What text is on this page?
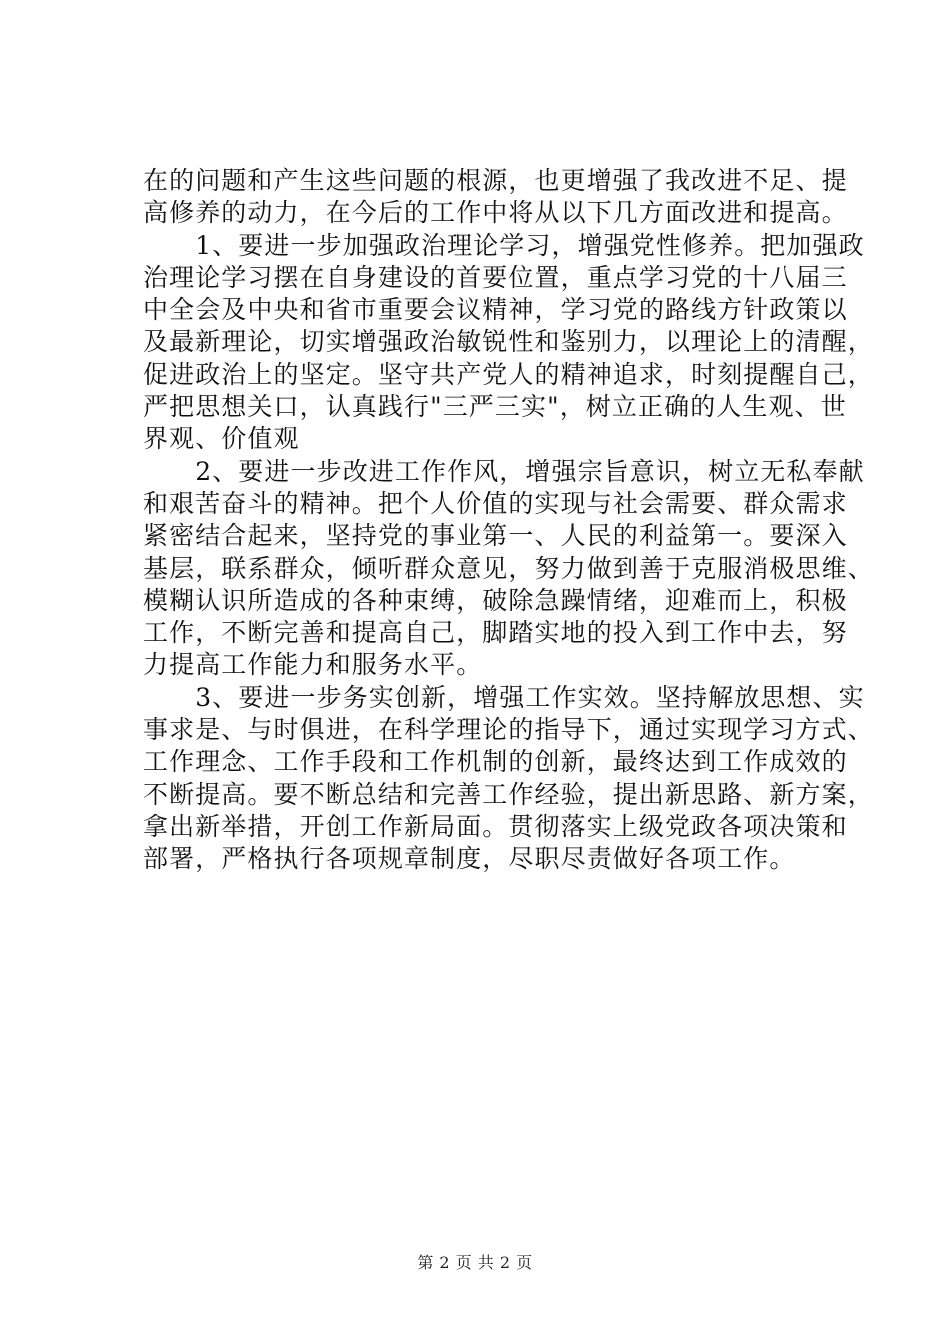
在的问题和产生这些问题的根源，也更增强了我改进不足、提
高修养的动力，在今后的工作中将从以下几方面改进和提高。
　　1、要进一步加强政治理论学习，增强党性修养。把加强政
治理论学习摆在自身建设的首要位置，重点学习党的十八届三
中全会及中央和省市重要会议精神，学习党的路线方针政策以
及最新理论，切实增强政治敏锐性和鉴别力，以理论上的清醒，
促进政治上的坚定。坚守共产党人的精神追求，时刻提醒自己，
严把思想关口，认真践行"三严三实"，树立正确的人生观、世
界观、价值观
　　2、要进一步改进工作作风，增强宗旨意识，树立无私奉献
和艰苦奋斗的精神。把个人价值的实现与社会需要、群众需求
紧密结合起来，坚持党的事业第一、人民的利益第一。要深入
基层，联系群众，倾听群众意见，努力做到善于克服消极思维、
模糊认识所造成的各种束缚，破除急躁情绪，迎难而上，积极
工作，不断完善和提高自己，脚踏实地的投入到工作中去，努
力提高工作能力和服务水平。
　　3、要进一步务实创新，增强工作实效。坚持解放思想、实
事求是、与时俱进，在科学理论的指导下，通过实现学习方式、
工作理念、工作手段和工作机制的创新，最终达到工作成效的
不断提高。要不断总结和完善工作经验，提出新思路、新方案，
拿出新举措，开创工作新局面。贯彻落实上级党政各项决策和
部署，严格执行各项规章制度，尽职尽责做好各项工作。
第 2 页 共 2 页
